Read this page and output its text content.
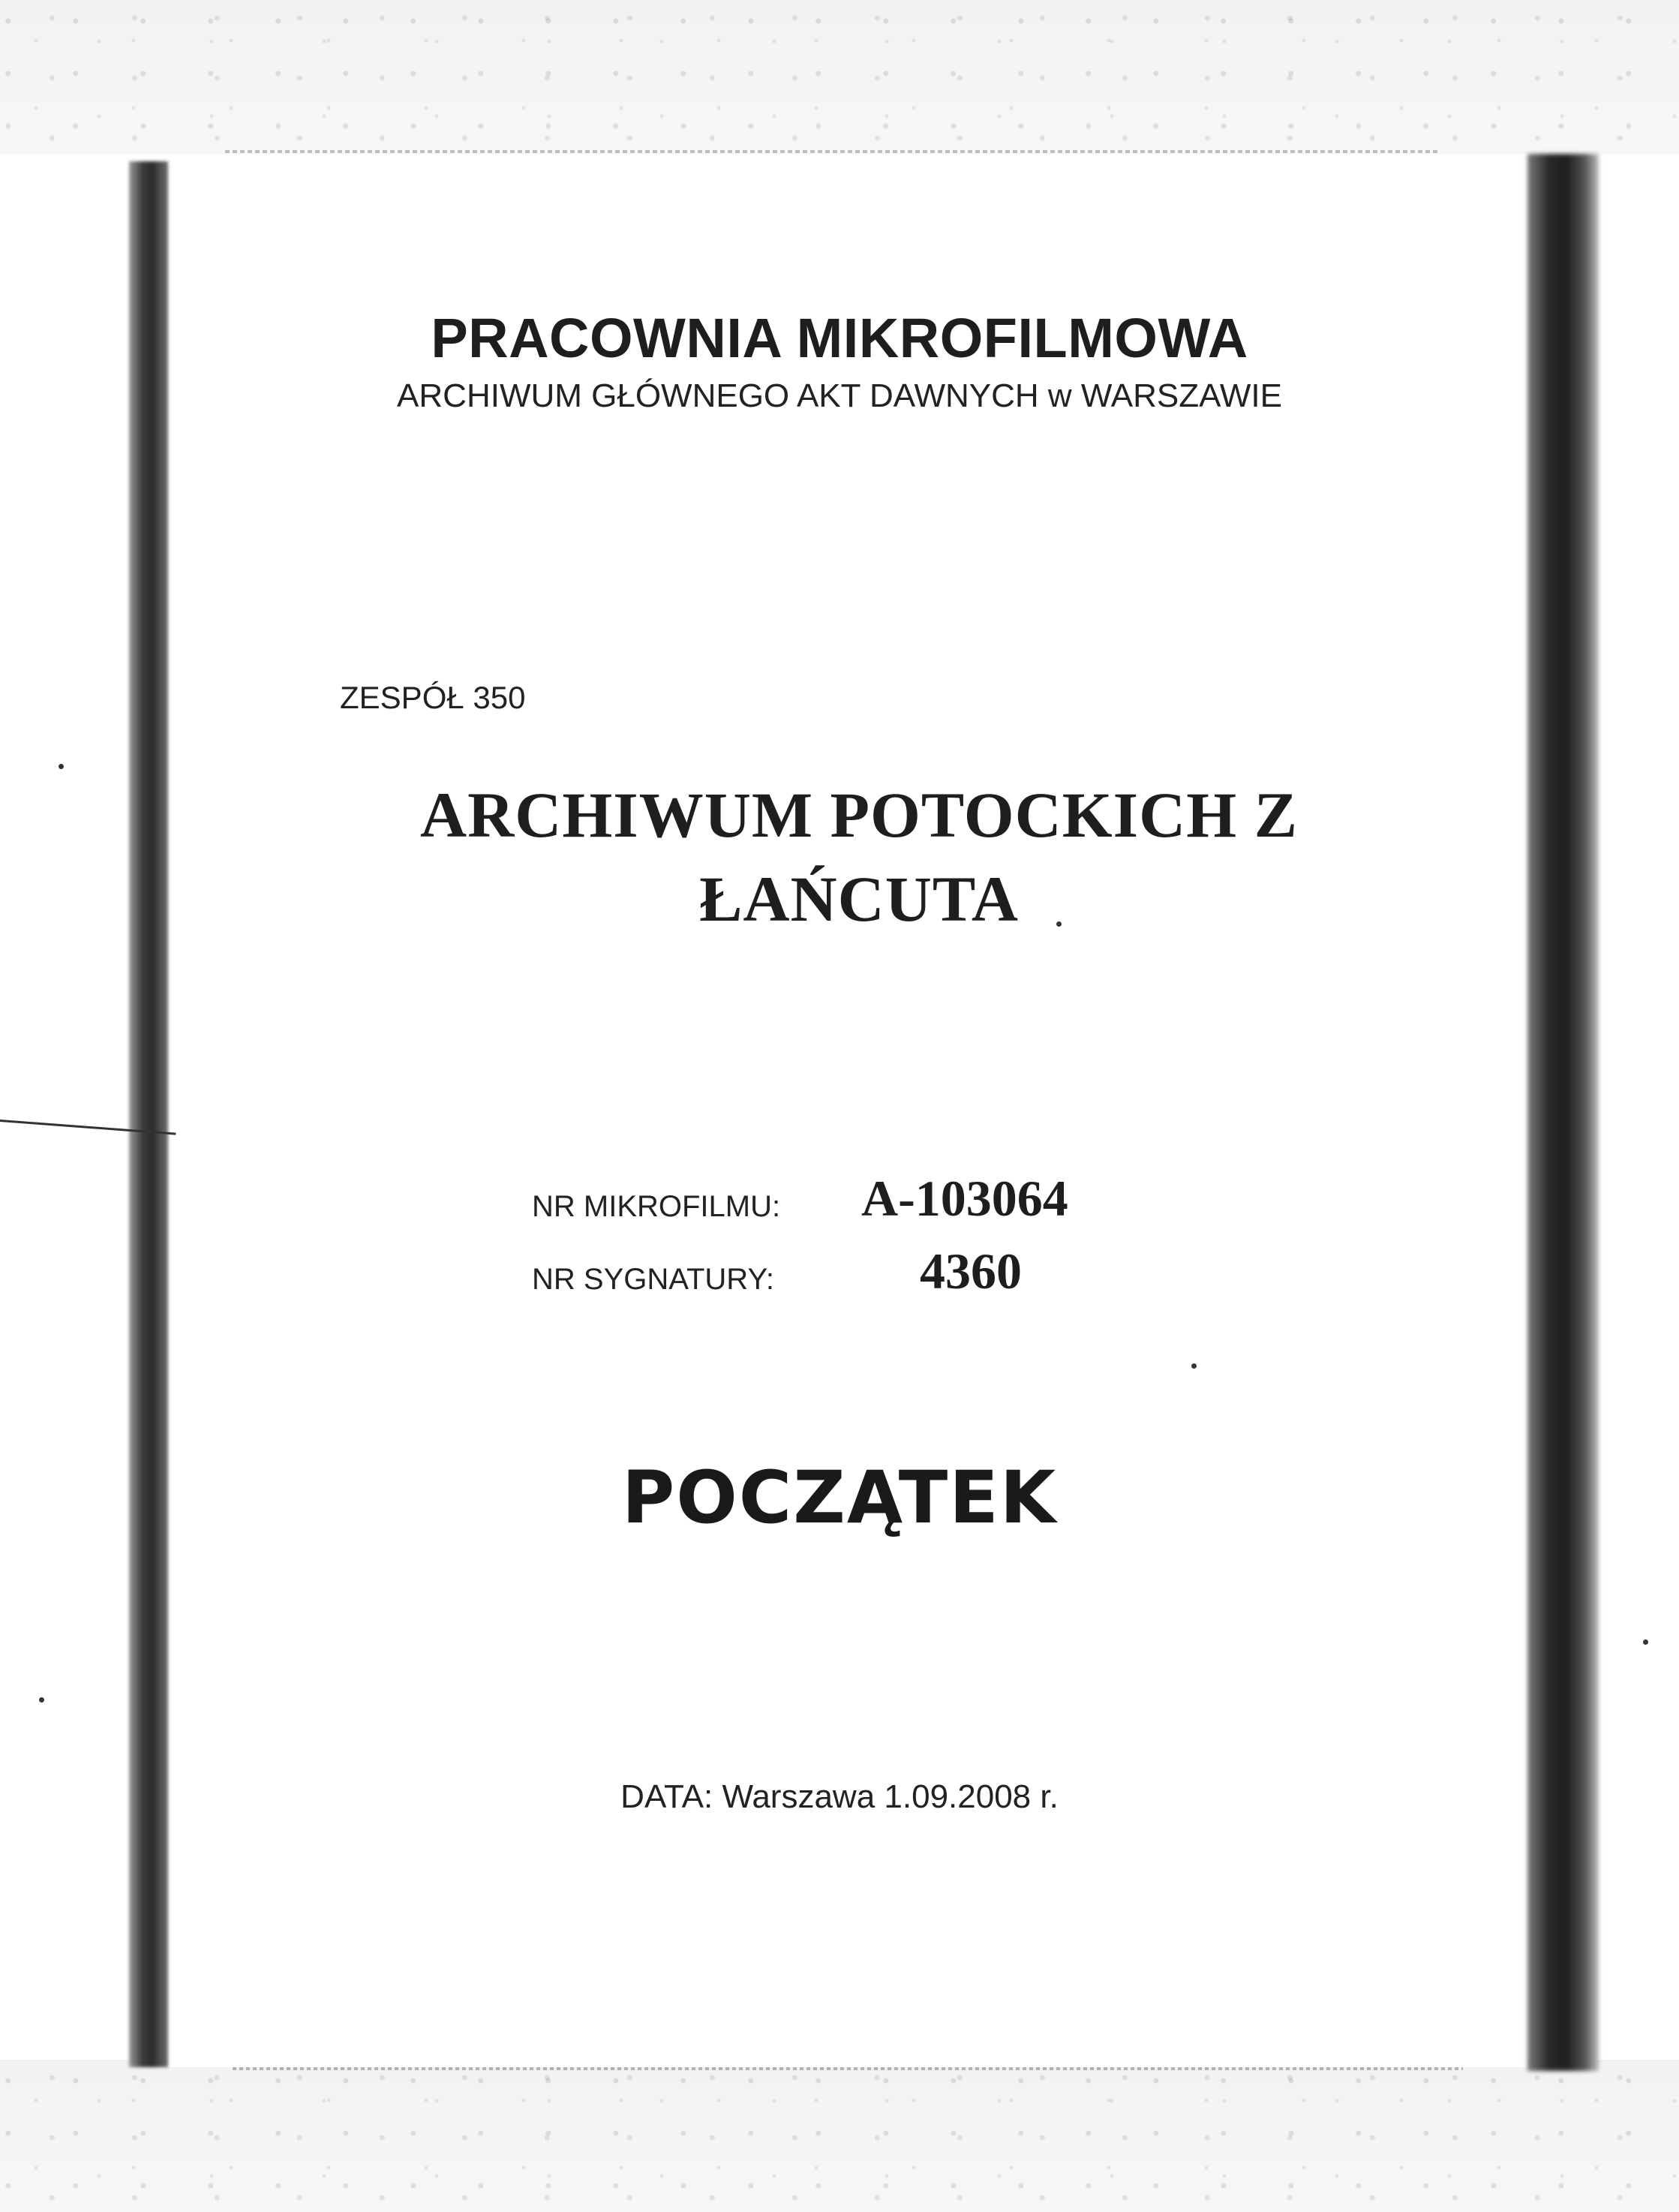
PRACOWNIA MIKROFILMOWA
ARCHIWUM GŁÓWNEGO AKT DAWNYCH w WARSZAWIE
ZESPÓŁ 350
ARCHIWUM POTOCKICH Z
ŁAŃCUTA
NR MIKROFILMU: A-103064
NR SYGNATURY:	4360
POCZĄTEK
DATA: Warszawa 1.09.2008 r.
